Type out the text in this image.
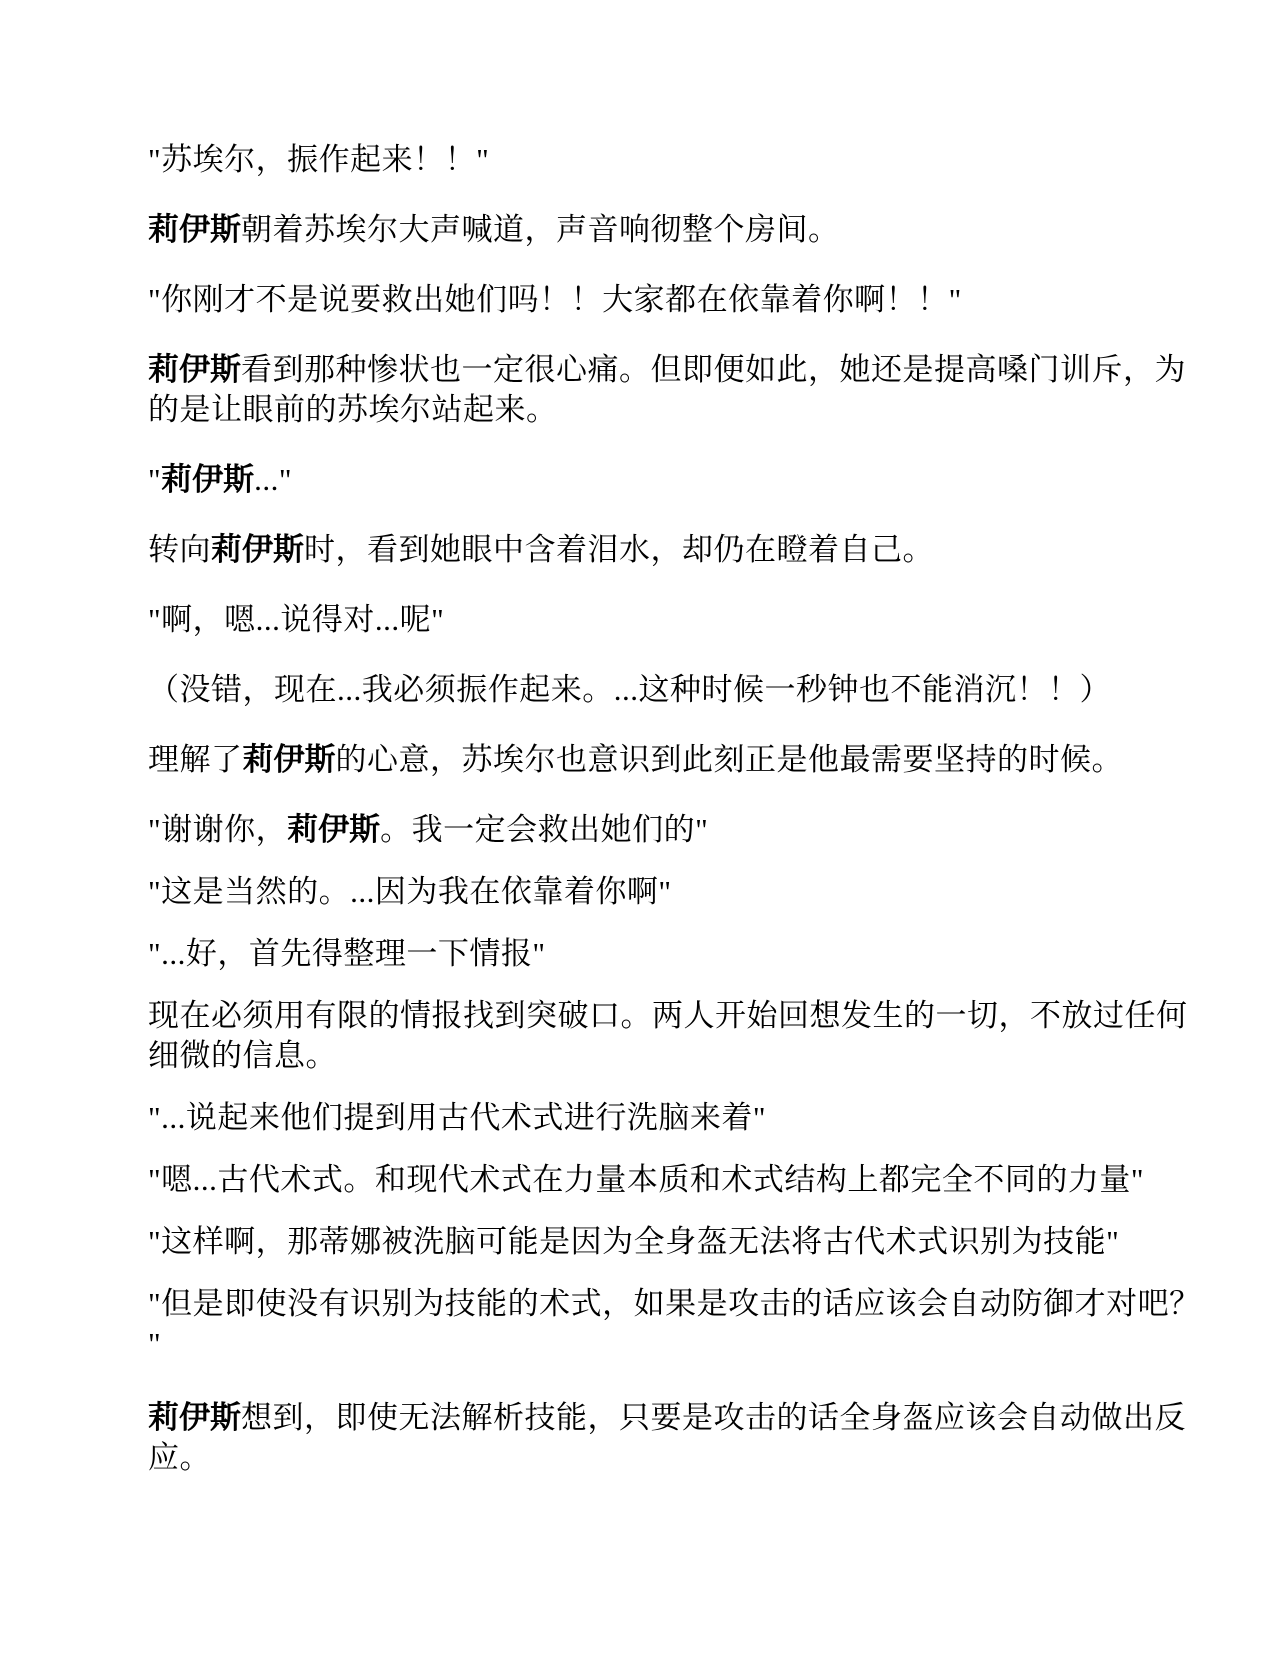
"苏埃尔，振作起来！！"
莉伊斯朝着苏埃尔大声喊道，声音响彻整个房间。
"你刚才不是说要救出她们吗！！大家都在依靠着你啊！！"
莉伊斯看到那种惨状也一定很心痛。但即便如此，她还是提高嗓门训斥，为
的是让眼前的苏埃尔站起来。
"莉伊斯..."
转向莉伊斯时，看到她眼中含着泪水，却仍在瞪着自己。
"啊，嗯...说得对...呢"
（没错，现在...我必须振作起来。...这种时候一秒钟也不能消沉！！）
理解了莉伊斯的心意，苏埃尔也意识到此刻正是他最需要坚持的时候。
"谢谢你，莉伊斯。我一定会救出她们的"
"这是当然的。...因为我在依靠着你啊"
"...好，首先得整理一下情报"
现在必须用有限的情报找到突破口。两人开始回想发生的一切，不放过任何
细微的信息。
"...说起来他们提到用古代术式进行洗脑来着"
"嗯...古代术式。和现代术式在力量本质和术式结构上都完全不同的力量"
"这样啊，那蒂娜被洗脑可能是因为全身盔无法将古代术式识别为技能"
"但是即使没有识别为技能的术式，如果是攻击的话应该会自动防御才对吧？
"
莉伊斯想到，即使无法解析技能，只要是攻击的话全身盔应该会自动做出反
应。
